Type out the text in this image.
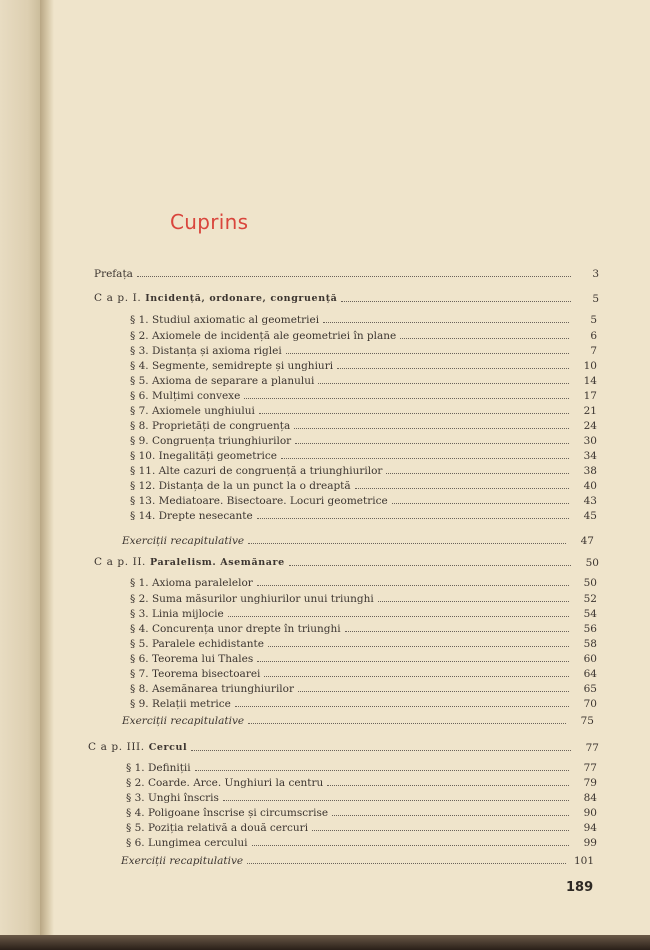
Cuprins
Prefața	3
C a p. I. Incidență, ordonare, congruență	5
§ 1. Studiul axiomatic al geometriei	5
§ 2. Axiomele de incidență ale geometriei în plane	6
§ 3. Distanța și axioma riglei	7
§ 4. Segmente, semidrepte și unghiuri	10
§ 5. Axioma de separare a planului	14
§ 6. Mulțimi convexe	17
§ 7. Axiomele unghiului	21
§ 8. Proprietăți de congruența	24
§ 9. Congruența triunghiurilor	30
§ 10. Inegalități geometrice	34
§ 11. Alte cazuri de congruență a triunghiurilor	38
§ 12. Distanța de la un punct la o dreaptă	40
§ 13. Mediatoare. Bisectoare. Locuri geometrice	43
§ 14. Drepte nesecante	45
Exerciții recapitulative	47
C a p. II. Paralelism. Asemănare	50
§ 1. Axioma paralelelor	50
§ 2. Suma măsurilor unghiurilor unui triunghi	52
§ 3. Linia mijlocie	54
§ 4. Concurența unor drepte în triunghi	56
§ 5. Paralele echidistante	58
§ 6. Teorema lui Thales	60
§ 7. Teorema bisectoarei	64
§ 8. Asemănarea triunghiurilor	65
§ 9. Relații metrice	70
Exerciții recapitulative	75
C a p. III. Cercul	77
§ 1. Definiții	77
§ 2. Coarde. Arce. Unghiuri la centru	79
§ 3. Unghi înscris	84
§ 4. Poligoane înscrise și circumscrise	90
§ 5. Poziția relativă a două cercuri	94
§ 6. Lungimea cercului	99
Exerciții recapitulative	101
189
